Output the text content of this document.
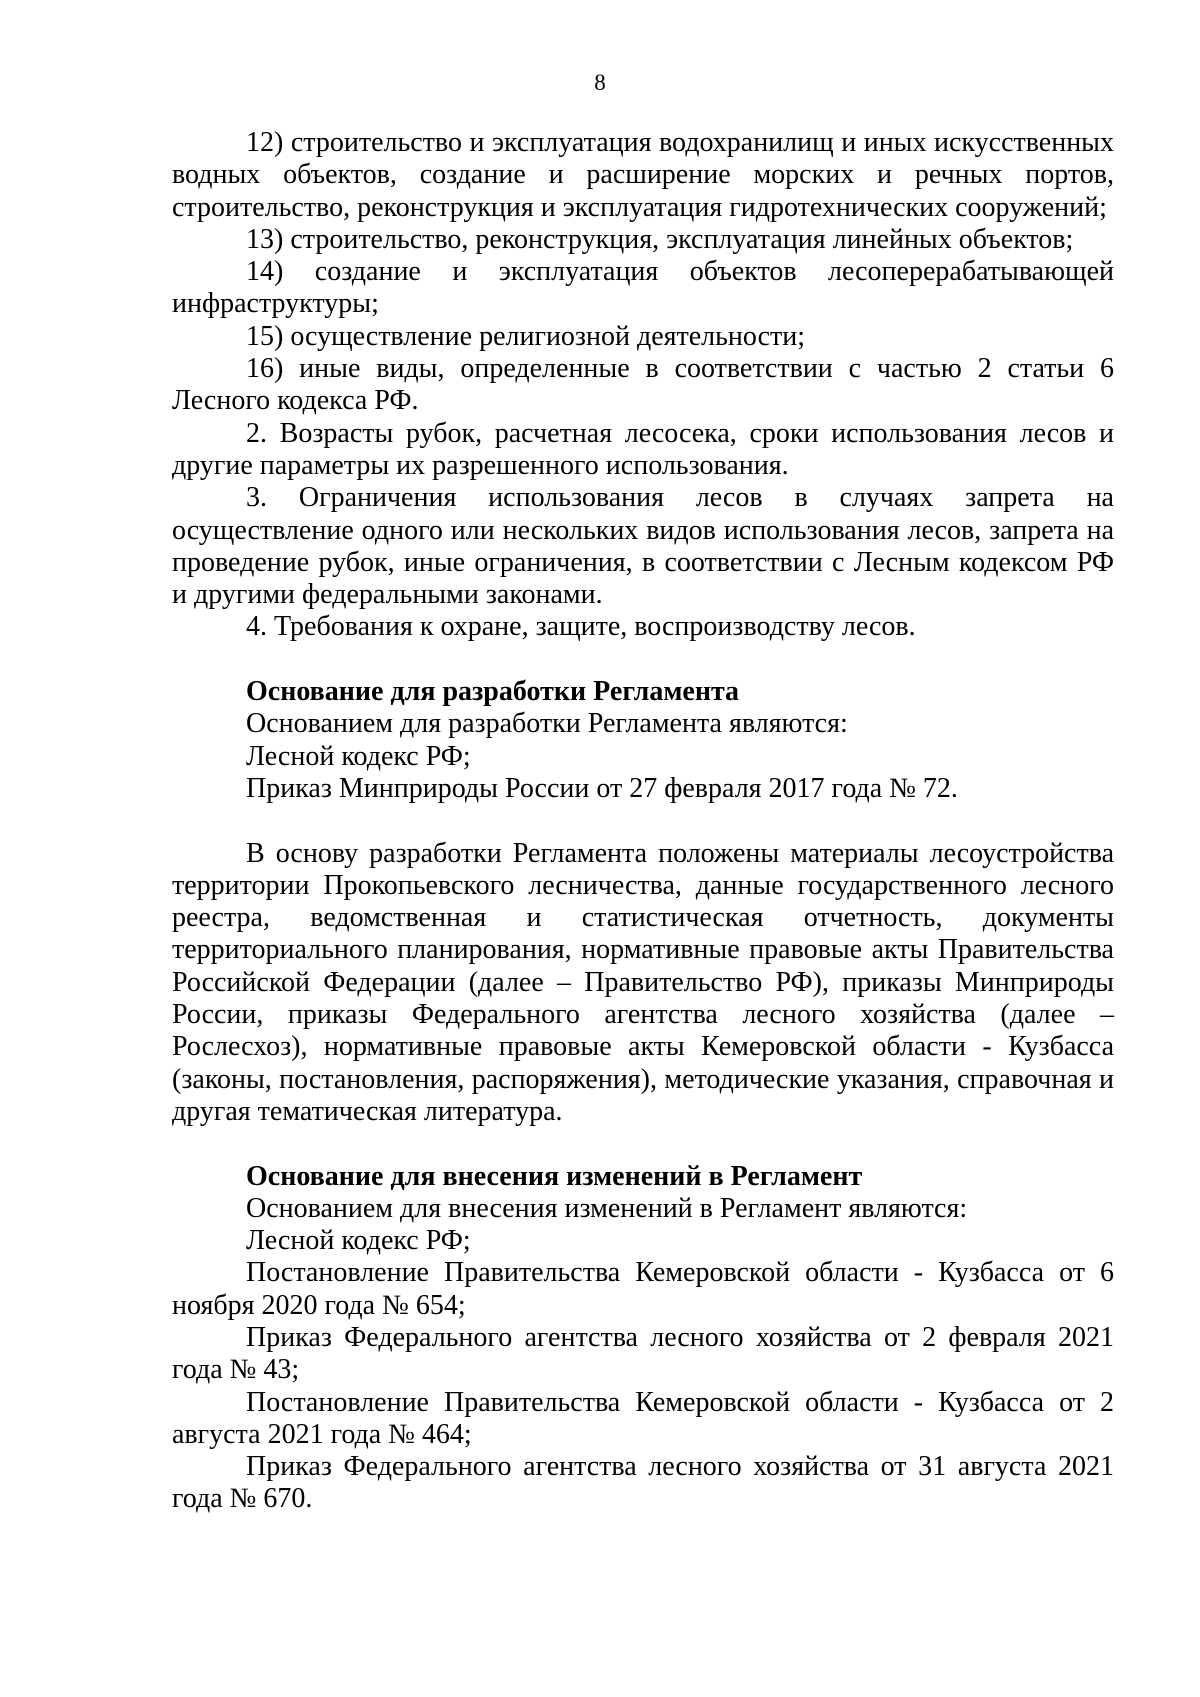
8

12) строительство и эксплуатация водохранилищ и иных искусственных водных объектов, создание и расширение морских и речных портов, строительство, реконструкция и эксплуатация гидротехнических сооружений;

13) строительство, реконструкция, эксплуатация линейных объектов;

14) создание и эксплуатация объектов лесоперерабатывающей инфраструктуры;

15) осуществление религиозной деятельности;

16) иные виды, определенные в соответствии с частью 2 статьи 6 Лесного кодекса РФ.

2. Возрасты рубок, расчетная лесосека, сроки использования лесов и другие параметры их разрешенного использования.

3. Ограничения использования лесов в случаях запрета на осуществление одного или нескольких видов использования лесов, запрета на проведение рубок, иные ограничения, в соответствии с Лесным кодексом РФ и другими федеральными законами.

4. Требования к охране, защите, воспроизводству лесов.

Основание для разработки Регламента

Основанием для разработки Регламента являются:

Лесной кодекс РФ;

Приказ Минприроды России от 27 февраля 2017 года № 72.

В основу разработки Регламента положены материалы лесоустройства территории Прокопьевского лесничества, данные государственного лесного реестра, ведомственная и статистическая отчетность, документы территориального планирования, нормативные правовые акты Правительства Российской Федерации (далее – Правительство РФ), приказы Минприроды России, приказы Федерального агентства лесного хозяйства (далее – Рослесхоз), нормативные правовые акты Кемеровской области - Кузбасса (законы, постановления, распоряжения), методические указания, справочная и другая тематическая литература.

Основание для внесения изменений в Регламент

Основанием для внесения изменений в Регламент являются:

Лесной кодекс РФ;

Постановление Правительства Кемеровской области - Кузбасса от 6 ноября 2020 года № 654;

Приказ Федерального агентства лесного хозяйства от 2 февраля 2021 года № 43;

Постановление Правительства Кемеровской области - Кузбасса от 2 августа 2021 года № 464;

Приказ Федерального агентства лесного хозяйства от 31 августа 2021 года № 670.
